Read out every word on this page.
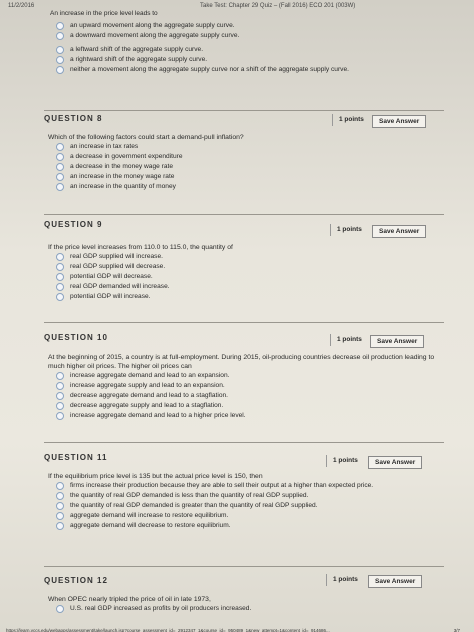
11/2/2016	Take Test: Chapter 29 Quiz – (Fall 2016) ECO 201 (003W)
An increase in the price level leads to
an upward movement along the aggregate supply curve.
a downward movement along the aggregate supply curve.
a leftward shift of the aggregate supply curve.
a rightward shift of the aggregate supply curve.
neither a movement along the aggregate supply curve nor a shift of the aggregate supply curve.
QUESTION 8	1 points	Save Answer
Which of the following factors could start a demand-pull inflation?
an increase in tax rates
a decrease in government expenditure
a decrease in the money wage rate
an increase in the money wage rate
an increase in the quantity of money
QUESTION 9
1 points	Save Answer
If the price level increases from 110.0 to 115.0, the quantity of
real GDP supplied will increase.
real GDP supplied will decrease.
potential GDP will decrease.
real GDP demanded will increase.
potential GDP will increase.
QUESTION 10	1 points	Save Answer
At the beginning of 2015, a country is at full-employment. During 2015, oil-producing countries decrease oil production leading to much higher oil prices. The higher oil prices can
increase aggregate demand and lead to an expansion.
increase aggregate supply and lead to an expansion.
decrease aggregate demand and lead to a stagflation.
decrease aggregate supply and lead to a stagflation.
increase aggregate demand and lead to a higher price level.
QUESTION 11	1 points	Save Answer
If the equilibrium price level is 135 but the actual price level is 150, then
firms increase their production because they are able to sell their output at a higher than expected price.
the quantity of real GDP demanded is less than the quantity of real GDP supplied.
the quantity of real GDP demanded is greater than the quantity of real GDP supplied.
aggregate demand will increase to restore equilibrium.
aggregate demand will decrease to restore equilibrium.
QUESTION 12	1 points	Save Answer
When OPEC nearly tripled the price of oil in late 1973,
U.S. real GDP increased as profits by oil producers increased.
https://learn.vccs.edu/webapps/assessment/take/launch.jsp?course_assessment_id=_2912347_1&course_id=_950489_1&new_attempt=1&content_id=_914686...	3/7
